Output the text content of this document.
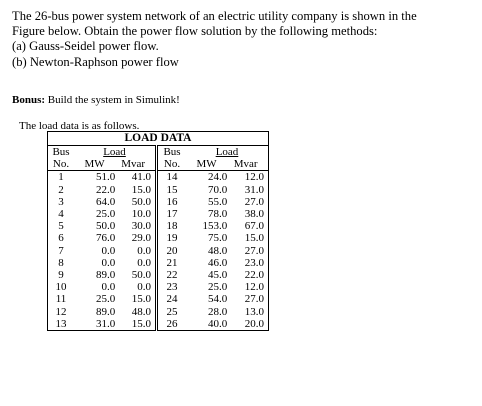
The 26-bus power system network of an electric utility company is shown in the
Figure below. Obtain the power flow solution by the following methods:
(a) Gauss-Seidel power flow.
(b) Newton-Raphson power flow
Bonus: Build the system in Simulink!
The load data is as follows.
LOAD DATA
Bus	Load		Bus	Load	
No.	MW	Mvar	No.	MW	Mvar
1	51.0	41.0	14	24.0	12.0
2	22.0	15.0	15	70.0	31.0
3	64.0	50.0	16	55.0	27.0
4	25.0	10.0	17	78.0	38.0
5	50.0	30.0	18	153.0	67.0
6	76.0	29.0	19	75.0	15.0
7	0.0	0.0	20	48.0	27.0
8	0.0	0.0	21	46.0	23.0
9	89.0	50.0	22	45.0	22.0
10	0.0	0.0	23	25.0	12.0
11	25.0	15.0	24	54.0	27.0
12	89.0	48.0	25	28.0	13.0
13	31.0	15.0	26	40.0	20.0
